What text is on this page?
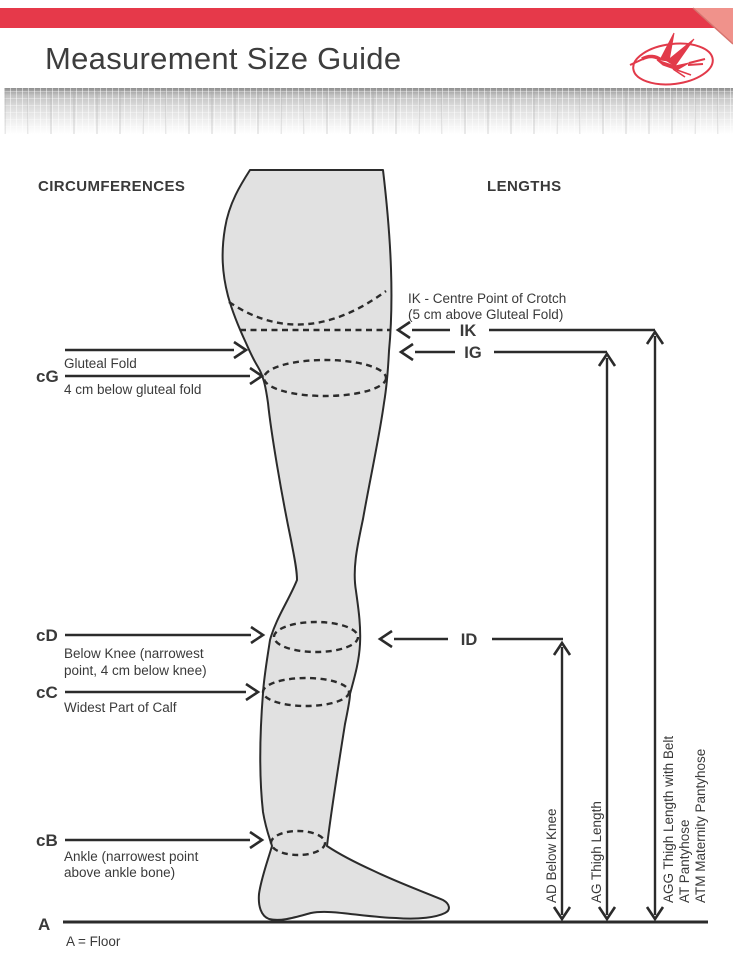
Measurement Size Guide
CIRCUMFERENCES	LENGTHS
cG
Gluteal Fold
4 cm below gluteal fold
cD
Below Knee (narrowest
point, 4 cm below knee)
cC
Widest Part of Calf
cB
Ankle (narrowest point
above ankle bone)
A
A = Floor
IK - Centre Point of Crotch
(5 cm above Gluteal Fold)
IK
IG
ID
AD Below Knee AG Thigh Length	AGG Thigh Length with Belt AT Pantyhose ATM Maternity Pantyhose
